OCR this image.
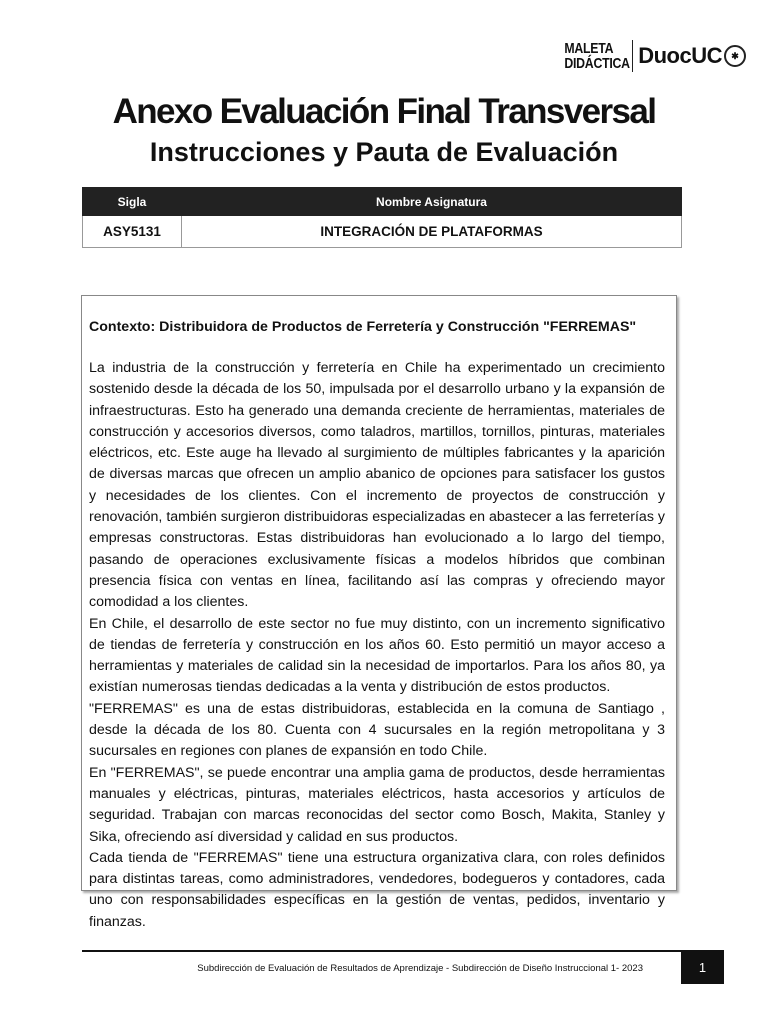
MALETA
DIDÁCTICA DuocUC	✱
Anexo Evaluación Final Transversal
Instrucciones y Pauta de Evaluación
Sigla	Nombre Asignatura
ASY5131	INTEGRACIÓN DE PLATAFORMAS
Contexto: Distribuidora de Productos de Ferretería y Construcción "FERREMAS"

La industria de la construcción y ferretería en Chile ha experimentado un crecimiento sostenido desde la década de los 50, impulsada por el desarrollo urbano y la expansión de infraestructuras. Esto ha generado una demanda creciente de herramientas, materiales de construcción y accesorios diversos, como taladros, martillos, tornillos, pinturas, materiales eléctricos, etc. Este auge ha llevado al surgimiento de múltiples fabricantes y la aparición de diversas marcas que ofrecen un amplio abanico de opciones para satisfacer los gustos y necesidades de los clientes. Con el incremento de proyectos de construcción y renovación, también surgieron distribuidoras especializadas en abastecer a las ferreterías y empresas constructoras. Estas distribuidoras han evolucionado a lo largo del tiempo, pasando de operaciones exclusivamente físicas a modelos híbridos que combinan presencia física con ventas en línea, facilitando así las compras y ofreciendo mayor comodidad a los clientes.

En Chile, el desarrollo de este sector no fue muy distinto, con un incremento significativo de tiendas de ferretería y construcción en los años 60. Esto permitió un mayor acceso a herramientas y materiales de calidad sin la necesidad de importarlos. Para los años 80, ya existían numerosas tiendas dedicadas a la venta y distribución de estos productos.

"FERREMAS" es una de estas distribuidoras, establecida en la comuna de Santiago , desde la década de los 80. Cuenta con 4 sucursales en la región metropolitana y 3 sucursales en regiones con planes de expansión en todo Chile.

En "FERREMAS", se puede encontrar una amplia gama de productos, desde herramientas manuales y eléctricas, pinturas, materiales eléctricos, hasta accesorios y artículos de seguridad. Trabajan con marcas reconocidas del sector como Bosch, Makita, Stanley y Sika, ofreciendo así diversidad y calidad en sus productos.

Cada tienda de "FERREMAS" tiene una estructura organizativa clara, con roles definidos para distintas tareas, como administradores, vendedores, bodegueros y contadores, cada uno con responsabilidades específicas en la gestión de ventas, pedidos, inventario y finanzas.

Subdirección de Evaluación de Resultados de Aprendizaje - Subdirección de Diseño Instruccional 1- 2023	1
